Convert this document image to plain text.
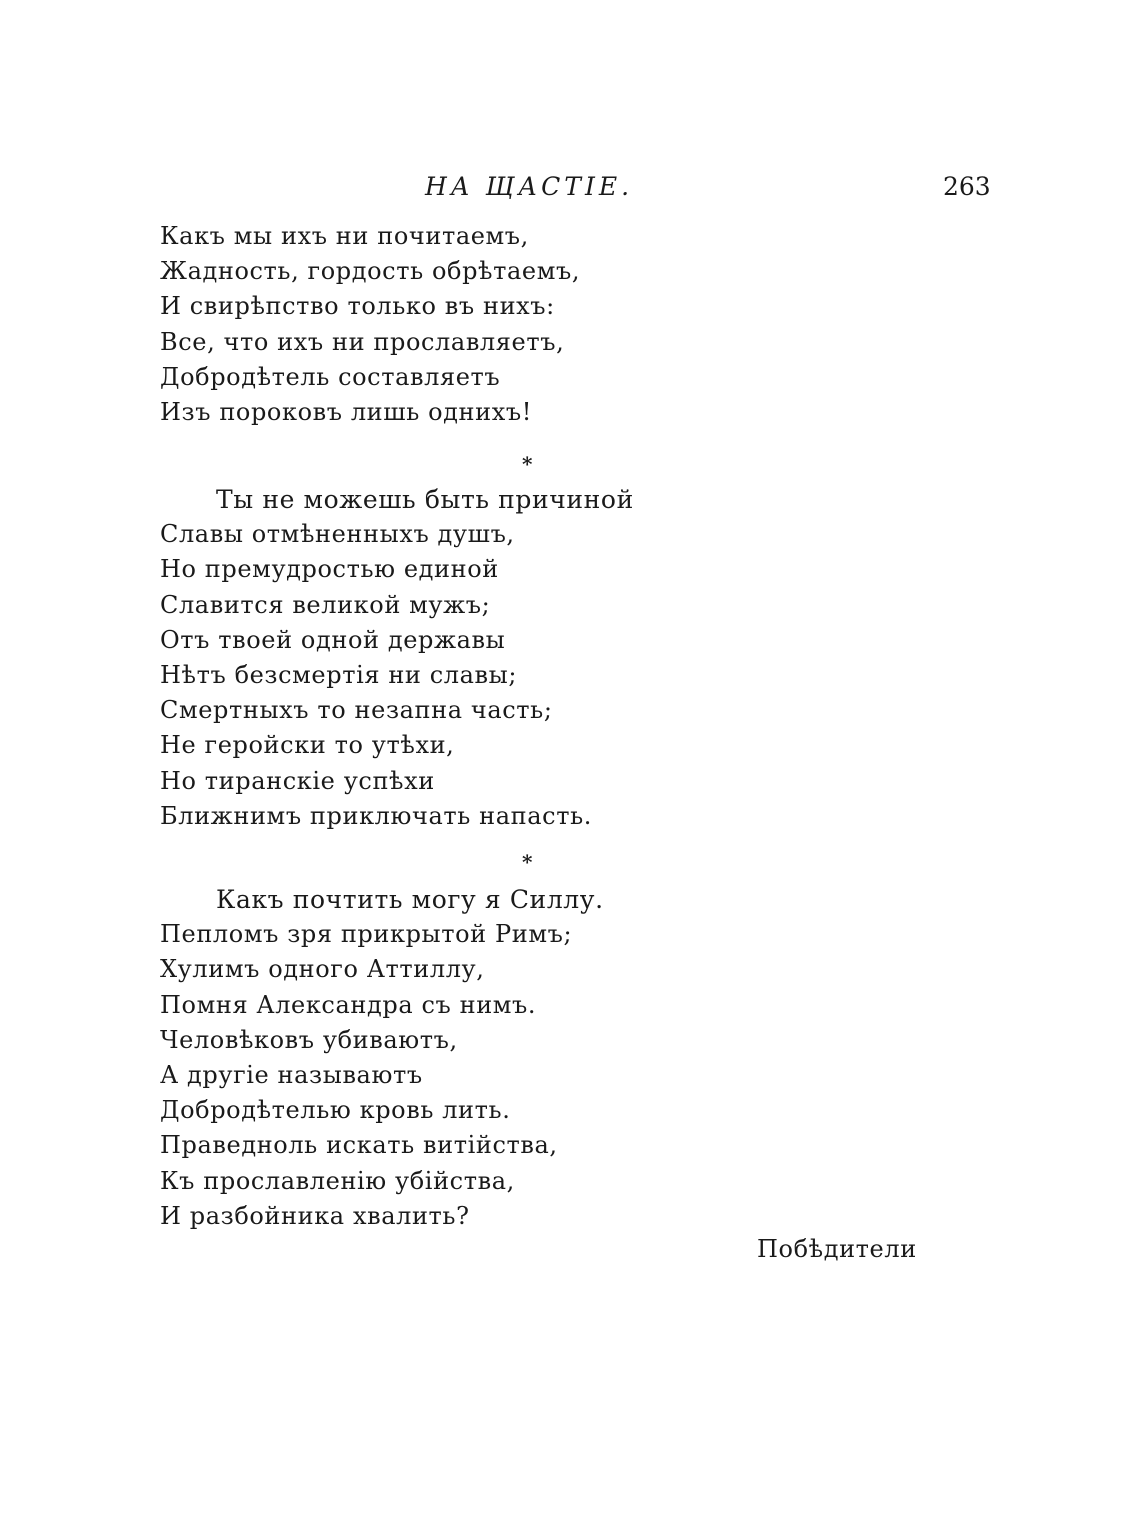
НА ЩАСТІЕ.	263
Какъ мы ихъ ни почитаемъ,
Жадность, гордость обрѣтаемъ,
И свирѣпство только въ нихъ:
Все, что ихъ ни прославляетъ,
Добродѣтель составляетъ
Изъ пороковъ лишь однихъ!
*
Ты не можешь быть причиной
Славы отмѣненныхъ душъ,
Но премудростью единой
Славится великой мужъ;
Отъ твоей одной державы
Нѣтъ безсмертія ни славы;
Смертныхъ то незапна часть;
Не геройски то утѣхи,
Но тиранскіе успѣхи
Ближнимъ приключать напасть.
*
Какъ почтить могу я Силлу.
Пепломъ зря прикрытой Римъ;
Хулимъ одного Аттиллу,
Помня Александра съ нимъ.
Человѣковъ убиваютъ,
А другіе называютъ
Добродѣтелью кровь лить.
Праведноль искать витійства,
Къ прославленію убійства,
И разбойника хвалить?
Побѣдители
